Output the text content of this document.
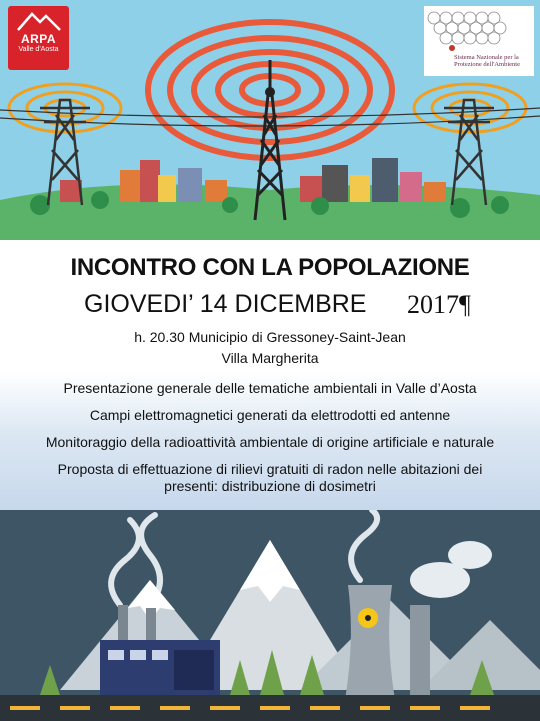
ARPA
Valle d'Aosta
Sistema Nazionale per la Protezione dell'Ambiente
INCONTRO CON LA POPOLAZIONE
GIOVEDI’ 14 DICEMBRE 2017¶
h. 20.30 Municipio di Gressoney-Saint-Jean
Villa Margherita
Presentazione generale delle tematiche ambientali in Valle d’Aosta
Campi elettromagnetici generati da elettrodotti ed antenne
Monitoraggio della radioattività ambientale di origine artificiale e naturale
Proposta di effettuazione di rilievi gratuiti di radon nelle abitazioni dei
presenti: distribuzione di dosimetri
